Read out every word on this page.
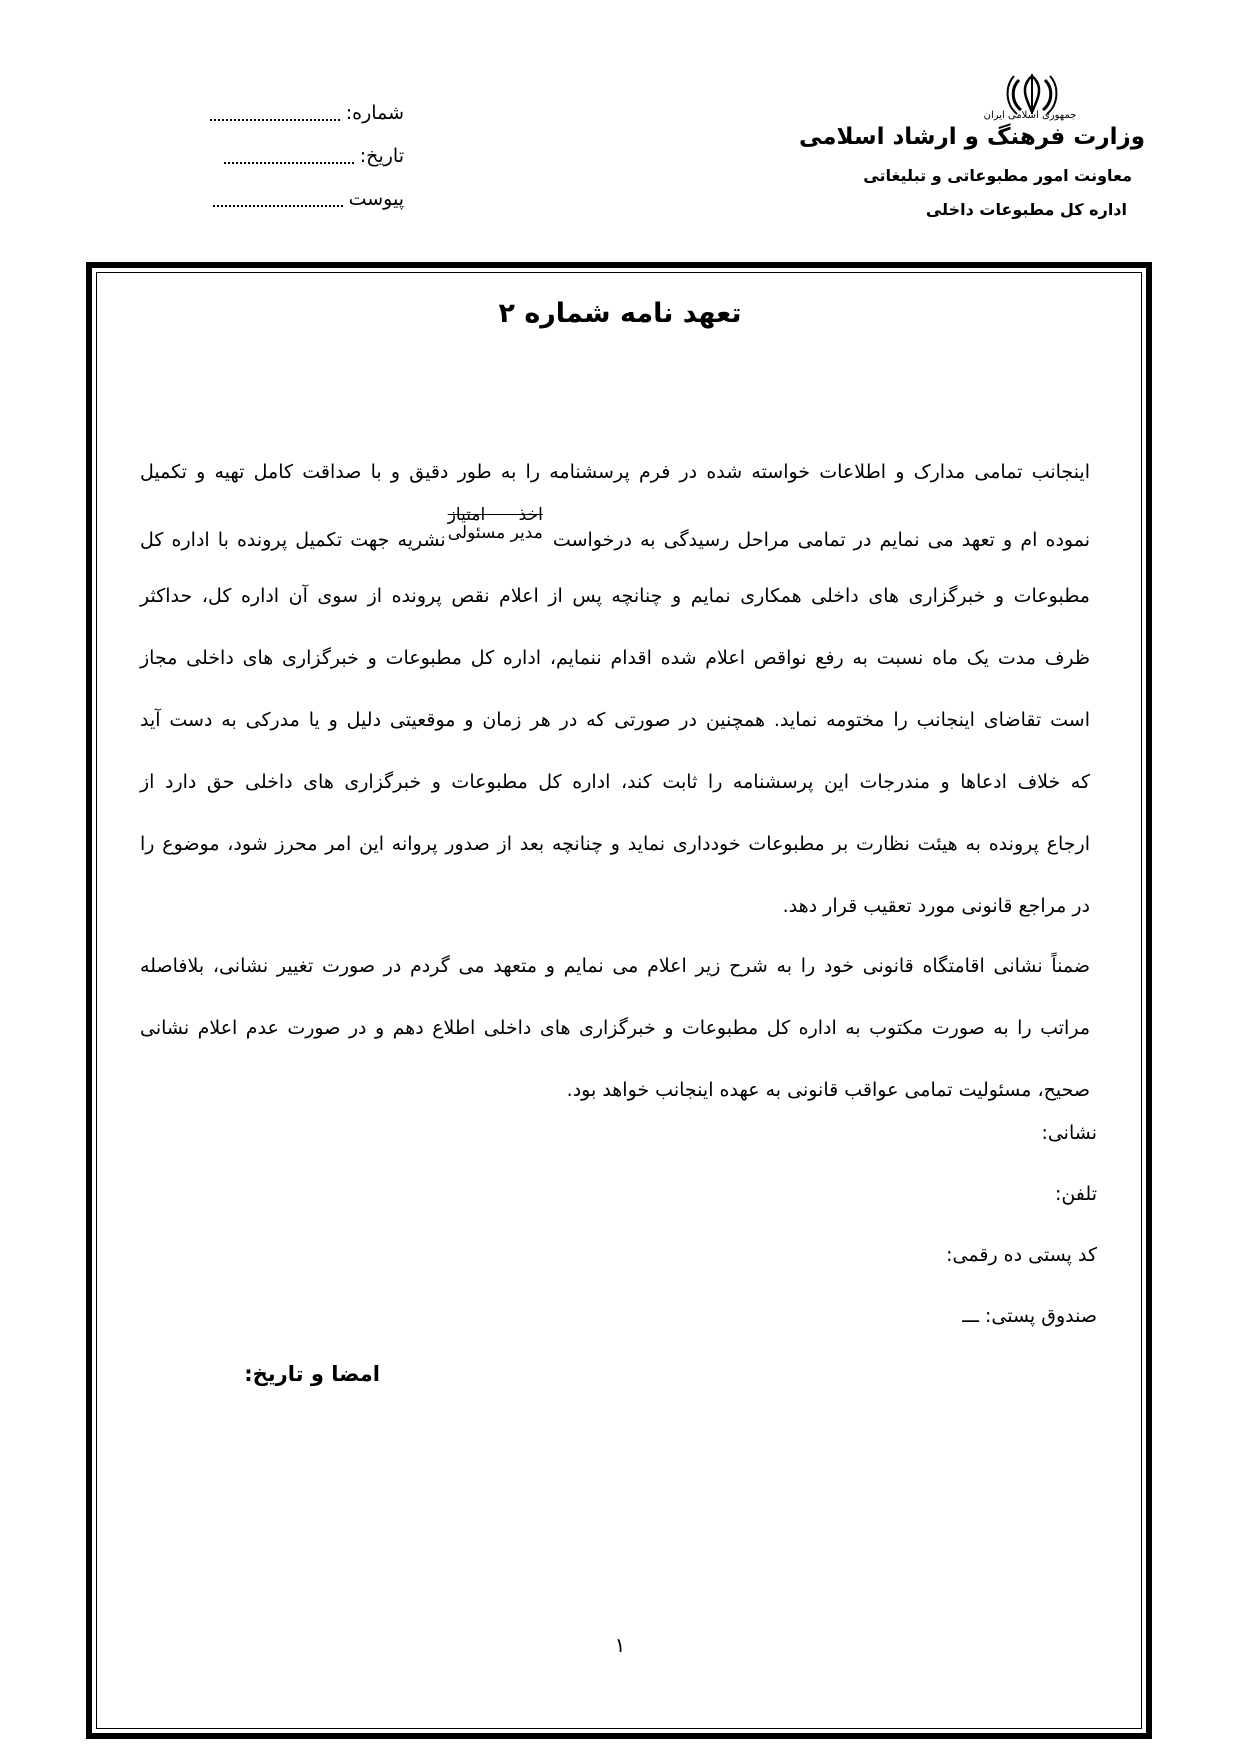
جمهوری اسلامی ایران
وزارت فرهنگ و ارشاد اسلامی
معاونت امور مطبوعاتی و تبلیغاتی
اداره کل مطبوعات داخلی
شماره:
تاریخ:
پیوست
تعهد نامه شماره ۲
اینجانب تمامی مدارک و اطلاعات خواسته شده در فرم پرسشنامه را به طور دقیق و با صداقت کامل تهیه و تکمیل
نموده ام و تعهد می نمایم در تمامی مراحل رسیدگی به درخواست
اخذ امتیاز
مدیر مسئولی
نشریه جهت تکمیل پرونده با اداره کل
مطبوعات و خبرگزاری های داخلی همکاری نمایم و چنانچه پس از اعلام نقص پرونده از سوی آن اداره کل، حداکثر
ظرف مدت یک ماه نسبت به رفع نواقص اعلام شده اقدام ننمایم، اداره کل مطبوعات و خبرگزاری های داخلی مجاز
است تقاضای اینجانب را مختومه نماید. همچنین در صورتی که در هر زمان و موقعیتی دلیل و یا مدرکی به دست آید
که خلاف ادعاها و مندرجات این پرسشنامه را ثابت کند، اداره کل مطبوعات و خبرگزاری های داخلی حق دارد از
ارجاع پرونده به هیئت نظارت بر مطبوعات خودداری نماید و چنانچه بعد از صدور پروانه این امر محرز شود، موضوع را
در مراجع قانونی مورد تعقیب قرار دهد.
ضمناً نشانی اقامتگاه قانونی خود را به شرح زیر اعلام می نمایم و متعهد می گردم در صورت تغییر نشانی، بلافاصله
مراتب را به صورت مکتوب به اداره کل مطبوعات و خبرگزاری های داخلی اطلاع دهم و در صورت عدم اعلام نشانی
صحیح، مسئولیت تمامی عواقب قانونی به عهده اینجانب خواهد بود.
نشانی:
تلفن:
کد پستی ده رقمی:
صندوق پستی: ـــ
امضا و تاریخ:
۱
